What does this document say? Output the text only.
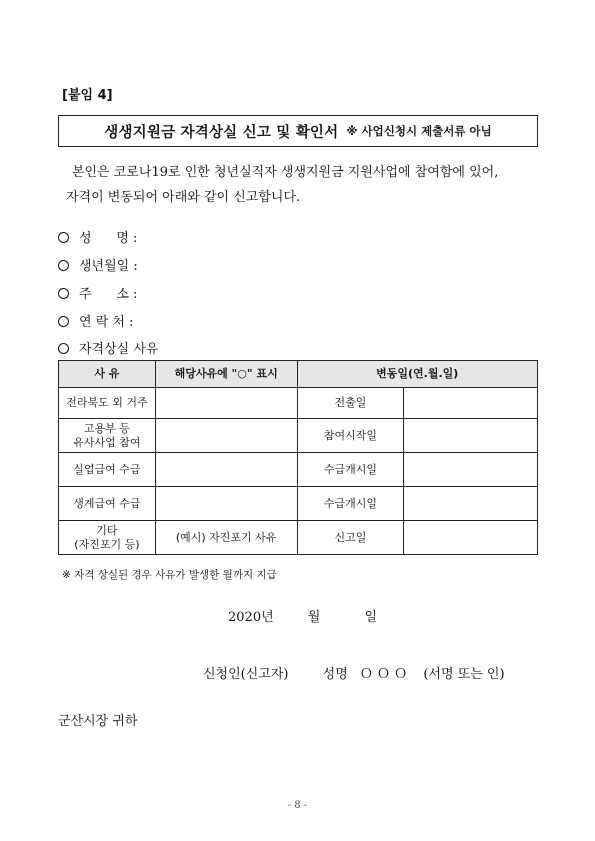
[붙임 4]
생생지원금 자격상실 신고 및 확인서 ※ 사업신청시 제출서류 아님
본인은 코로나19로 인한 청년실직자 생생지원금 지원사업에 참여함에 있어,
자격이 변동되어 아래와 같이 신고합니다.
성      명 :
생년월일 :
주      소 :
연 락 처 :
자격상실 사유
사 유	해당사유에 "○" 표시	변동일(연.월.일)	
전라북도 외 거주		전출일	

고용부 등
유사사업 참여		참여시작일	
실업급여 수급		수급개시일	
생계급여 수급		수급개시일	

기타
(자진포기 등)	(예시) 자진포기 사유	신고일	
※ 자격 상실된 경우 사유가 발생한 월까지 지급
2020년	월	일
신청인(신고자)	성명 Ｏ Ｏ Ｏ (서명 또는 인)
군산시장 귀하
- 8 -
